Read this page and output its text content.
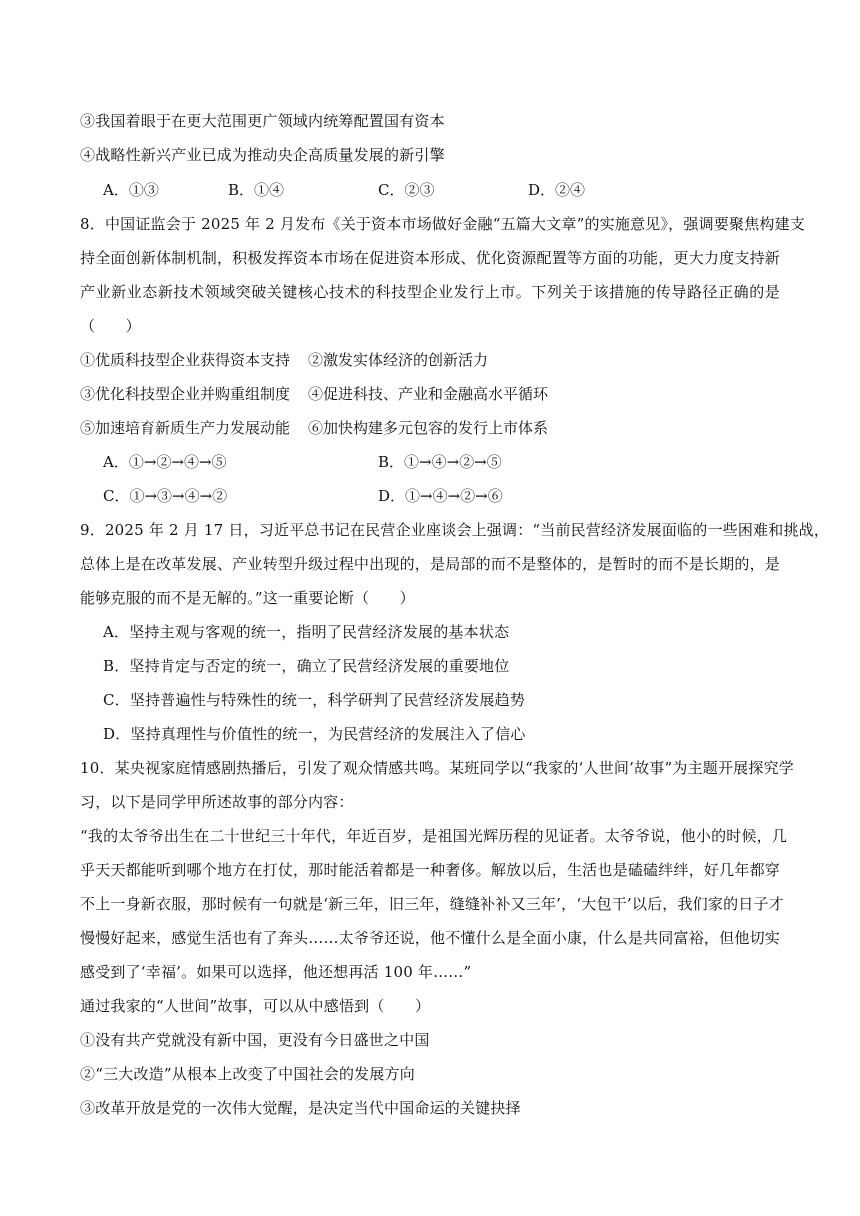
③我国着眼于在更大范围更广领域内统筹配置国有资本
④战略性新兴产业已成为推动央企高质量发展的新引擎
A．①③	B．①④	C．②③	D．②④
8．中国证监会于 2025 年 2 月发布《关于资本市场做好金融“五篇大文章”的实施意见》，强调要聚焦构建支
持全面创新体制机制，积极发挥资本市场在促进资本形成、优化资源配置等方面的功能，更大力度支持新
产业新业态新技术领域突破关键核心技术的科技型企业发行上市。下列关于该措施的传导路径正确的是
（　　）
①优质科技型企业获得资本支持 ②激发实体经济的创新活力
③优化科技型企业并购重组制度 ④促进科技、产业和金融高水平循环
⑤加速培育新质生产力发展动能 ⑥加快构建多元包容的发行上市体系
A．①→②→④→⑤	B．①→④→②→⑤
C．①→③→④→②	D．①→④→②→⑥
9．2025 年 2 月 17 日，习近平总书记在民营企业座谈会上强调：“当前民营经济发展面临的一些困难和挑战，
总体上是在改革发展、产业转型升级过程中出现的，是局部的而不是整体的，是暂时的而不是长期的，是
能够克服的而不是无解的。”这一重要论断（　　）
A．坚持主观与客观的统一，指明了民营经济发展的基本状态
B．坚持肯定与否定的统一，确立了民营经济发展的重要地位
C．坚持普遍性与特殊性的统一，科学研判了民营经济发展趋势
D．坚持真理性与价值性的统一，为民营经济的发展注入了信心
10．某央视家庭情感剧热播后，引发了观众情感共鸣。某班同学以“我家的‘人世间’故事”为主题开展探究学
习，以下是同学甲所述故事的部分内容：
“我的太爷爷出生在二十世纪三十年代，年近百岁，是祖国光辉历程的见证者。太爷爷说，他小的时候，几
乎天天都能听到哪个地方在打仗，那时能活着都是一种奢侈。解放以后，生活也是磕磕绊绊，好几年都穿
不上一身新衣服，那时候有一句就是‘新三年，旧三年，缝缝补补又三年’，‘大包干’以后，我们家的日子才
慢慢好起来，感觉生活也有了奔头……太爷爷还说，他不懂什么是全面小康，什么是共同富裕，但他切实
感受到了‘幸福’。如果可以选择，他还想再活 100 年……”
通过我家的“人世间”故事，可以从中感悟到（　　）
①没有共产党就没有新中国，更没有今日盛世之中国
②“三大改造”从根本上改变了中国社会的发展方向
③改革开放是党的一次伟大觉醒，是决定当代中国命运的关键抉择
